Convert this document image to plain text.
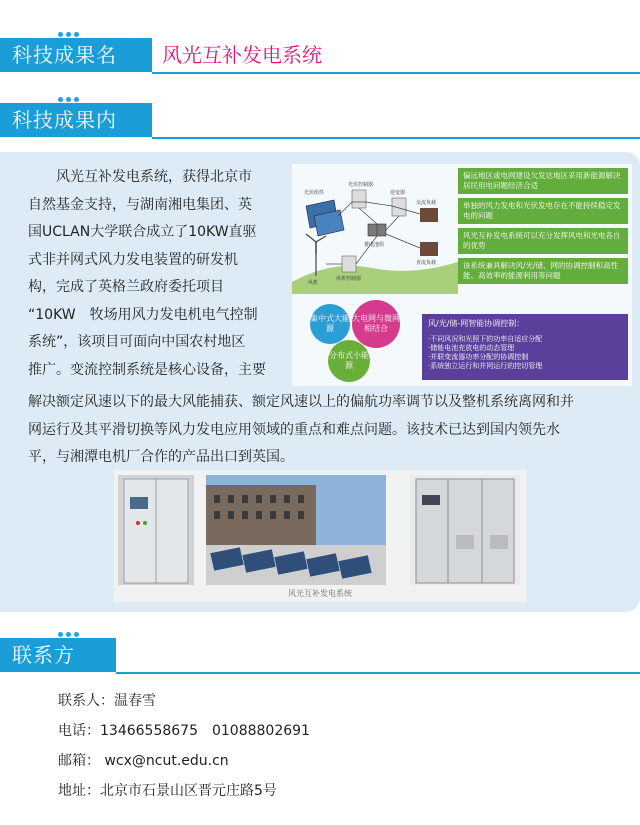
科技成果名称：
风光互补发电系统
科技成果内
风光互补发电系统，获得北京市
自然基金支持，与湖南湘电集团、英
国UCLAN大学联合成立了10KW直驱
式非并网式风力发电装置的研发机
构，完成了英格兰政府委托项目
“10KW　牧场用风力发电机电气控制
系统”，该项目可面向中国农村地区
推广。变流控制系统是核心设备，主要
光伏组件
光伏控制器
逆变器
交流负载
蓄电池组
直流负载
风机
风机控制器
偏远地区或电网建设欠发达地区采用新能源解决居民用电问题经济合适
单独的风力发电和光伏发电存在不能持续稳定发电的问题
风光互补发电系统可以充分发挥风电和光电各自的优势
该系统兼具解决风/光/储、网的协调控制和高性能、高效率的能源利用等问题
集中式大能源
大电网与微网相结合
分布式小能源
风/光/储-网智能协调控制：
·不同风况和光照下的功率自适应分配
·储能电池充放电的动态管理
·并联变流器功率分配的协调控制
·系统独立运行和并网运行的控切管理
解决额定风速以下的最大风能捕获、额定风速以上的偏航功率调节以及整机系统离网和并
网运行及其平滑切换等风力发电应用领域的重点和难点问题。该技术已达到国内领先水
平，与湘潭电机厂合作的产品出口到英国。
风光互补发电系统
联系方式： 联系人：温春雪
电话：13466558675　01088802691
邮箱： wcx@ncut.edu.cn
地址：北京市石景山区晋元庄路5号
